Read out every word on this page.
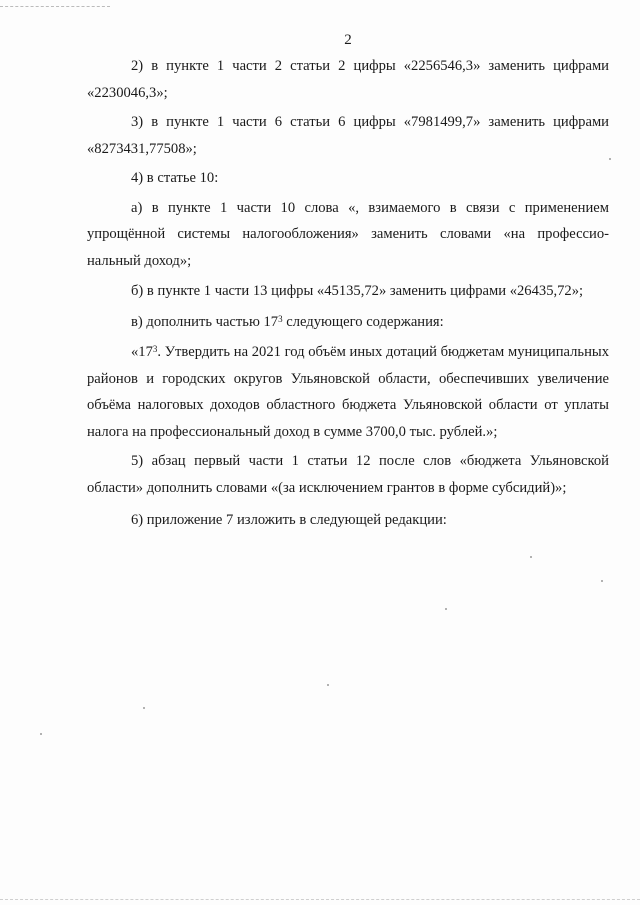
2

2) в пункте 1 части 2 статьи 2 цифры «2256546,3» заменить цифрами «2230046,3»;

3) в пункте 1 части 6 статьи 6 цифры «7981499,7» заменить цифрами «8273431,77508»;

4) в статье 10:

а) в пункте 1 части 10 слова «, взимаемого в связи с применением упрощённой системы налогообложения» заменить словами «на профессио-нальный доход»;

б) в пункте 1 части 13 цифры «45135,72» заменить цифрами «26435,72»;

в) дополнить частью $17^3$ следующего содержания:

«$17^3$. Утвердить на 2021 год объём иных дотаций бюджетам муниципальных районов и городских округов Ульяновской области, обеспечивших увеличение объёма налоговых доходов областного бюджета Ульяновской области от уплаты налога на профессиональный доход в сумме 3700,0 тыс. рублей.»;

5) абзац первый части 1 статьи 12 после слов «бюджета Ульяновской области» дополнить словами «(за исключением грантов в форме субсидий)»;

6) приложение 7 изложить в следующей редакции:
